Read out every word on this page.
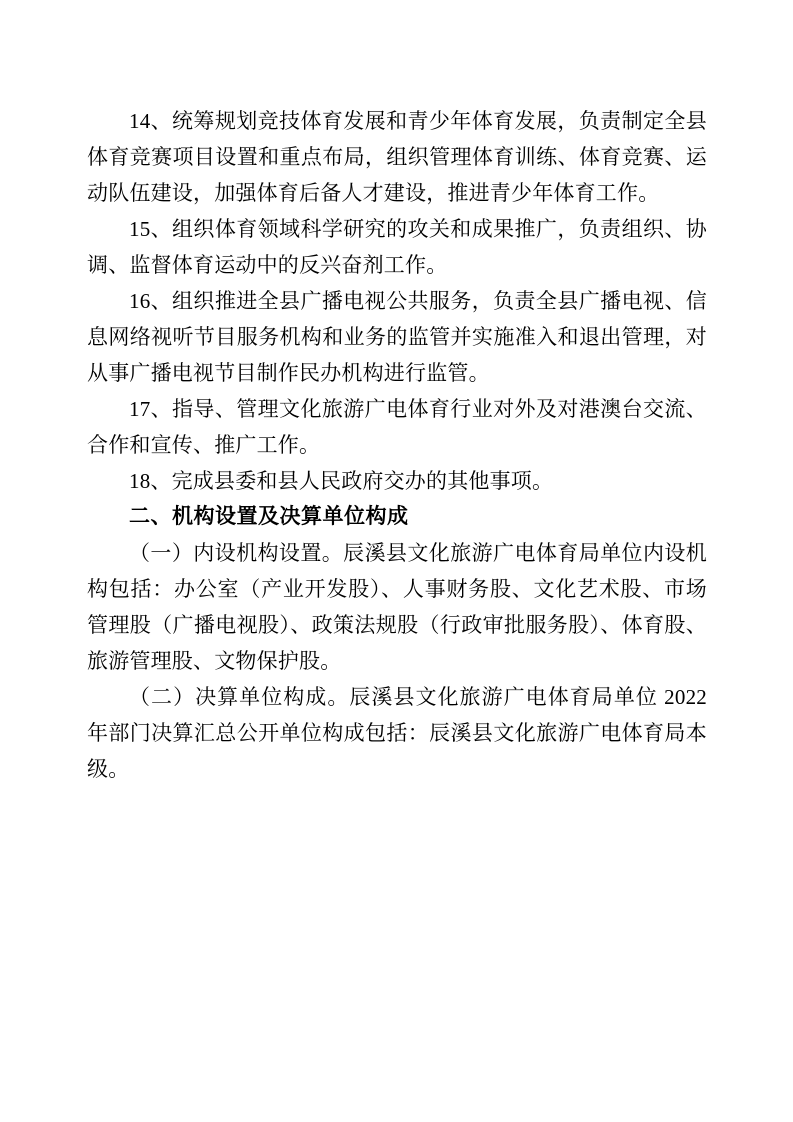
14、统筹规划竞技体育发展和青少年体育发展，负责制定全县体育竞赛项目设置和重点布局，组织管理体育训练、体育竞赛、运动队伍建设，加强体育后备人才建设，推进青少年体育工作。

15、组织体育领域科学研究的攻关和成果推广，负责组织、协调、监督体育运动中的反兴奋剂工作。

16、组织推进全县广播电视公共服务，负责全县广播电视、信息网络视听节目服务机构和业务的监管并实施准入和退出管理，对从事广播电视节目制作民办机构进行监管。

17、指导、管理文化旅游广电体育行业对外及对港澳台交流、合作和宣传、推广工作。

18、完成县委和县人民政府交办的其他事项。

二、机构设置及决算单位构成

（一）内设机构设置。辰溪县文化旅游广电体育局单位内设机构包括：办公室（产业开发股）、人事财务股、文化艺术股、市场管理股（广播电视股）、政策法规股（行政审批服务股）、体育股、旅游管理股、文物保护股。

（二）决算单位构成。辰溪县文化旅游广电体育局单位 2022 年部门决算汇总公开单位构成包括：辰溪县文化旅游广电体育局本级。
